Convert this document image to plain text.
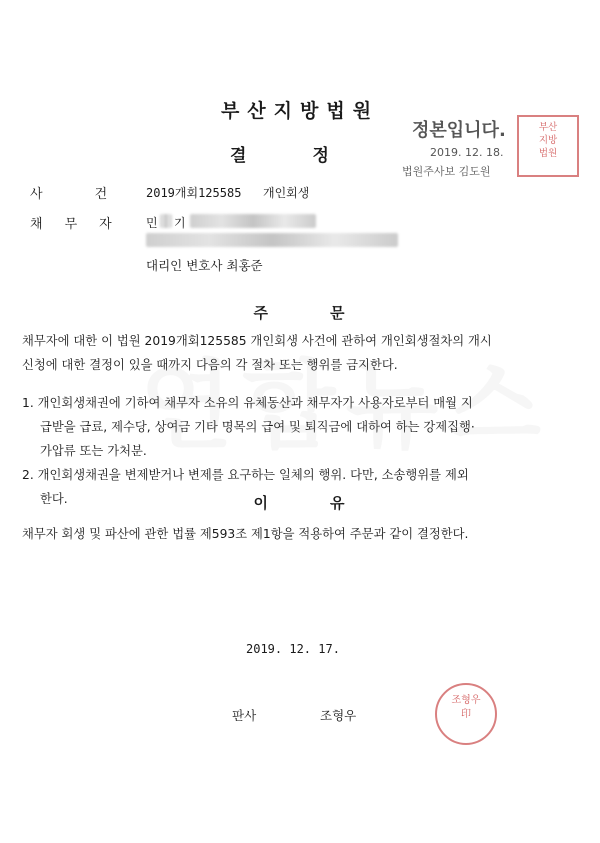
부산지방법원
결	정
정본입니다.
2019. 12. 18.
법원주사보 김도원
부산
지방
법원
사	건	2019개회125585 개인회생
채 무 자	민 기
대리인 변호사 최홍준
주	문
채무자에 대한 이 법원 2019개회125585 개인회생 사건에 관하여 개인회생절차의 개시
신청에 대한 결정이 있을 때까지 다음의 각 절차 또는 행위를 금지한다.
1. 개인회생채권에 기하여 채무자 소유의 유체동산과 채무자가 사용자로부터 매월 지
급받을 급료, 제수당, 상여금 기타 명목의 급여 및 퇴직금에 대하여 하는 강제집행·
가압류 또는 가처분.
2. 개인회생채권을 변제받거나 변제를 요구하는 일체의 행위. 다만, 소송행위를 제외
한다.	이	유
채무자 회생 및 파산에 관한 법률 제593조 제1항을 적용하여 주문과 같이 결정한다.
2019. 12. 17.
판사	조형우
조형우
印
